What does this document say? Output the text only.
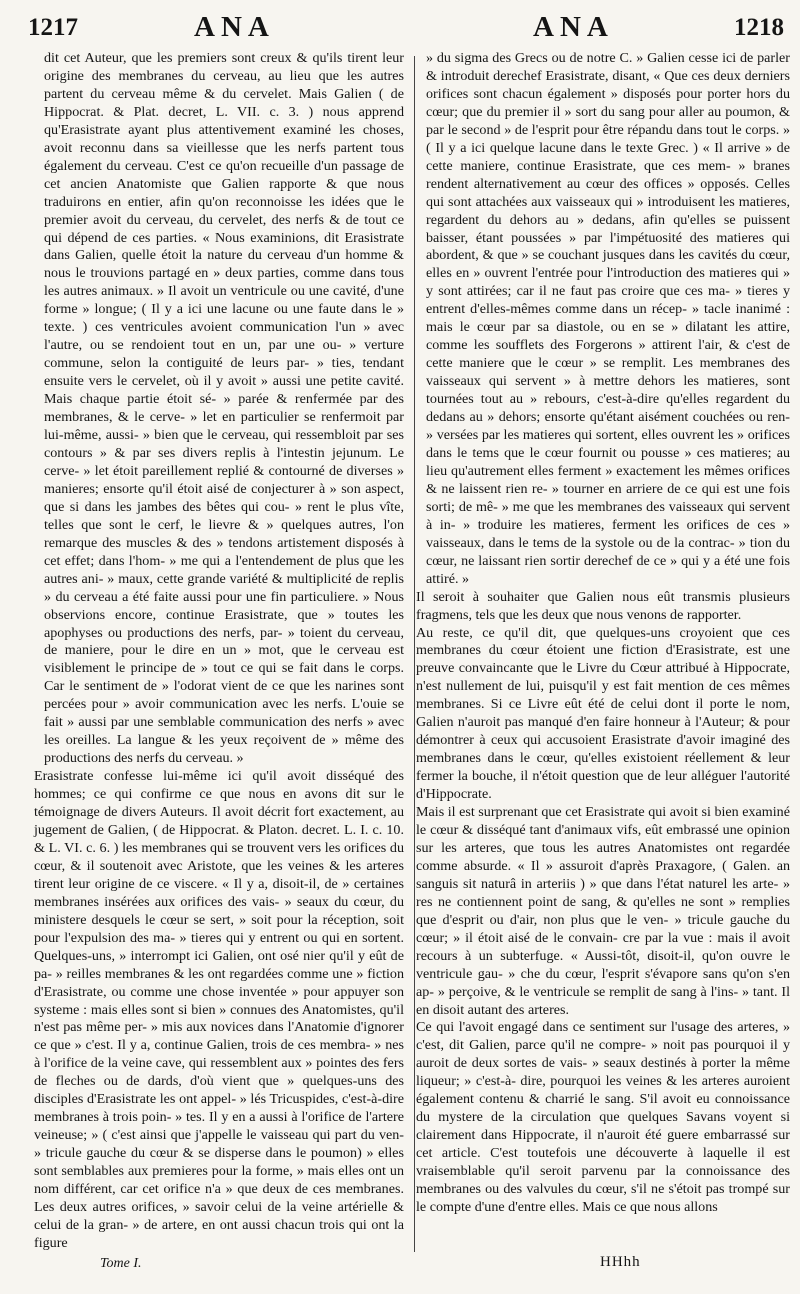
1217	ANA	ANA	1218

dit cet Auteur, que les premiers sont creux & qu'ils tirent leur origine des membranes du cerveau, au lieu que les autres partent du cerveau même & du cervelet. Mais Galien ( de Hippocrat. & Plat. decret, L. VII. c. 3. ) nous apprend qu'Erasistrate ayant plus attentivement examiné les choses, avoit reconnu dans sa vieillesse que les nerfs partent tous également du cerveau. C'est ce qu'on recueille d'un passage de cet ancien Anatomiste que Galien rapporte & que nous traduirons en entier, afin qu'on reconnoisse les idées que le premier avoit du cerveau, du cervelet, des nerfs & de tout ce qui dépend de ces parties. « Nous examinions, dit Erasistrate dans Galien, quelle étoit la nature du cerveau d'un homme & nous le trouvions partagé en » deux parties, comme dans tous les autres animaux. » Il avoit un ventricule ou une cavité, d'une forme » longue; ( Il y a ici une lacune ou une faute dans le » texte. ) ces ventricules avoient communication l'un » avec l'autre, ou se rendoient tout en un, par une ou- » verture commune, selon la contiguité de leurs par- » ties, tendant ensuite vers le cervelet, où il y avoit » aussi une petite cavité. Mais chaque partie étoit sé- » parée & renfermée par des membranes, & le cerve- » let en particulier se renfermoit par lui-même, aussi- » bien que le cerveau, qui ressembloit par ses contours » & par ses divers replis à l'intestin jejunum. Le cerve- » let étoit pareillement replié & contourné de diverses » manieres; ensorte qu'il étoit aisé de conjecturer à » son aspect, que si dans les jambes des bêtes qui cou- » rent le plus vîte, telles que sont le cerf, le lievre & » quelques autres, l'on remarque des muscles & des » tendons artistement disposés à cet effet; dans l'hom- » me qui a l'entendement de plus que les autres ani- » maux, cette grande variété & multiplicité de replis » du cerveau a été faite aussi pour une fin particuliere. » Nous observions encore, continue Erasistrate, que » toutes les apophyses ou productions des nerfs, par- » toient du cerveau, de maniere, pour le dire en un » mot, que le cerveau est visiblement le principe de » tout ce qui se fait dans le corps. Car le sentiment de » l'odorat vient de ce que les narines sont percées pour » avoir communication avec les nerfs. L'ouie se fait » aussi par une semblable communication des nerfs » avec les oreilles. La langue & les yeux reçoivent de » même des productions des nerfs du cerveau. »

Erasistrate confesse lui-même ici qu'il avoit disséqué des hommes; ce qui confirme ce que nous en avons dit sur le témoignage de divers Auteurs. Il avoit décrit fort exactement, au jugement de Galien, ( de Hippocrat. & Platon. decret. L. I. c. 10. & L. VI. c. 6. ) les membranes qui se trouvent vers les orifices du cœur, & il soutenoit avec Aristote, que les veines & les arteres tirent leur origine de ce viscere. « Il y a, disoit-il, de » certaines membranes insérées aux orifices des vais- » seaux du cœur, du ministere desquels le cœur se sert, » soit pour la réception, soit pour l'expulsion des ma- » tieres qui y entrent ou qui en sortent. Quelques-uns, » interrompt ici Galien, ont osé nier qu'il y eût de pa- » reilles membranes & les ont regardées comme une » fiction d'Erasistrate, ou comme une chose inventée » pour appuyer son systeme : mais elles sont si bien » connues des Anatomistes, qu'il n'est pas même per- » mis aux novices dans l'Anatomie d'ignorer ce que » c'est. Il y a, continue Galien, trois de ces membra- » nes à l'orifice de la veine cave, qui ressemblent aux » pointes des fers de fleches ou de dards, d'où vient que » quelques-uns des disciples d'Erasistrate les ont appel- » lés Tricuspides, c'est-à-dire membranes à trois poin- » tes. Il y en a aussi à l'orifice de l'artere veineuse; » ( c'est ainsi que j'appelle le vaisseau qui part du ven- » tricule gauche du cœur & se disperse dans le poumon) » elles sont semblables aux premieres pour la forme, » mais elles ont un nom différent, car cet orifice n'a » que deux de ces membranes. Les deux autres orifices, » savoir celui de la veine artérielle & celui de la gran- » de artere, en ont aussi chacun trois qui ont la figure

» du sigma des Grecs ou de notre C. » Galien cesse ici de parler & introduit derechef Erasistrate, disant, « Que ces deux derniers orifices sont chacun également » disposés pour porter hors du cœur; que du premier il » sort du sang pour aller au poumon, & par le second » de l'esprit pour être répandu dans tout le corps. » ( Il y a ici quelque lacune dans le texte Grec. ) « Il arrive » de cette maniere, continue Erasistrate, que ces mem- » branes rendent alternativement au cœur des offices » opposés. Celles qui sont attachées aux vaisseaux qui » introduisent les matieres, regardent du dehors au » dedans, afin qu'elles se puissent baisser, étant poussées » par l'impétuosité des matieres qui abordent, & que » se couchant jusques dans les cavités du cœur, elles en » ouvrent l'entrée pour l'introduction des matieres qui » y sont attirées; car il ne faut pas croire que ces ma- » tieres y entrent d'elles-mêmes comme dans un récep- » tacle inanimé : mais le cœur par sa diastole, ou en se » dilatant les attire, comme les soufflets des Forgerons » attirent l'air, & c'est de cette maniere que le cœur » se remplit. Les membranes des vaisseaux qui servent » à mettre dehors les matieres, sont tournées tout au » rebours, c'est-à-dire qu'elles regardent du dedans au » dehors; ensorte qu'étant aisément couchées ou ren- » versées par les matieres qui sortent, elles ouvrent les » orifices dans le tems que le cœur fournit ou pousse » ces matieres; au lieu qu'autrement elles ferment » exactement les mêmes orifices & ne laissent rien re- » tourner en arriere de ce qui est une fois sorti; de mê- » me que les membranes des vaisseaux qui servent à in- » troduire les matieres, ferment les orifices de ces » vaisseaux, dans le tems de la systole ou de la contrac- » tion du cœur, ne laissant rien sortir derechef de ce » qui y a été une fois attiré. »

Il seroit à souhaiter que Galien nous eût transmis plusieurs fragmens, tels que les deux que nous venons de rapporter.

Au reste, ce qu'il dit, que quelques-uns croyoient que ces membranes du cœur étoient une fiction d'Erasistrate, est une preuve convaincante que le Livre du Cœur attribué à Hippocrate, n'est nullement de lui, puisqu'il y est fait mention de ces mêmes membranes. Si ce Livre eût été de celui dont il porte le nom, Galien n'auroit pas manqué d'en faire honneur à l'Auteur; & pour démontrer à ceux qui accusoient Erasistrate d'avoir imaginé des membranes dans le cœur, qu'elles existoient réellement & leur fermer la bouche, il n'étoit question que de leur alléguer l'autorité d'Hippocrate.

Mais il est surprenant que cet Erasistrate qui avoit si bien examiné le cœur & disséqué tant d'animaux vifs, eût embrassé une opinion sur les arteres, que tous les autres Anatomistes ont regardée comme absurde. « Il » assuroit d'après Praxagore, ( Galen. an sanguis sit naturâ in arteriis ) » que dans l'état naturel les arte- » res ne contiennent point de sang, & qu'elles ne sont » remplies que d'esprit ou d'air, non plus que le ven- » tricule gauche du cœur; » il étoit aisé de le convain- cre par la vue : mais il avoit recours à un subterfuge. « Aussi-tôt, disoit-il, qu'on ouvre le ventricule gau- » che du cœur, l'esprit s'évapore sans qu'on s'en ap- » perçoive, & le ventricule se remplit de sang à l'ins- » tant. Il en disoit autant des arteres.

Ce qui l'avoit engagé dans ce sentiment sur l'usage des arteres, » c'est, dit Galien, parce qu'il ne compre- » noit pas pourquoi il y auroit de deux sortes de vais- » seaux destinés à porter la même liqueur; » c'est-à- dire, pourquoi les veines & les arteres auroient également contenu & charrié le sang. S'il avoit eu connoissance du mystere de la circulation que quelques Savans voyent si clairement dans Hippocrate, il n'auroit été guere embarrassé sur cet article. C'est toutefois une découverte à laquelle il est vraisemblable qu'il seroit parvenu par la connoissance des membranes ou des valvules du cœur, s'il ne s'étoit pas trompé sur le compte d'une d'entre elles. Mais ce que nous allons

Tome I.	HHhh
